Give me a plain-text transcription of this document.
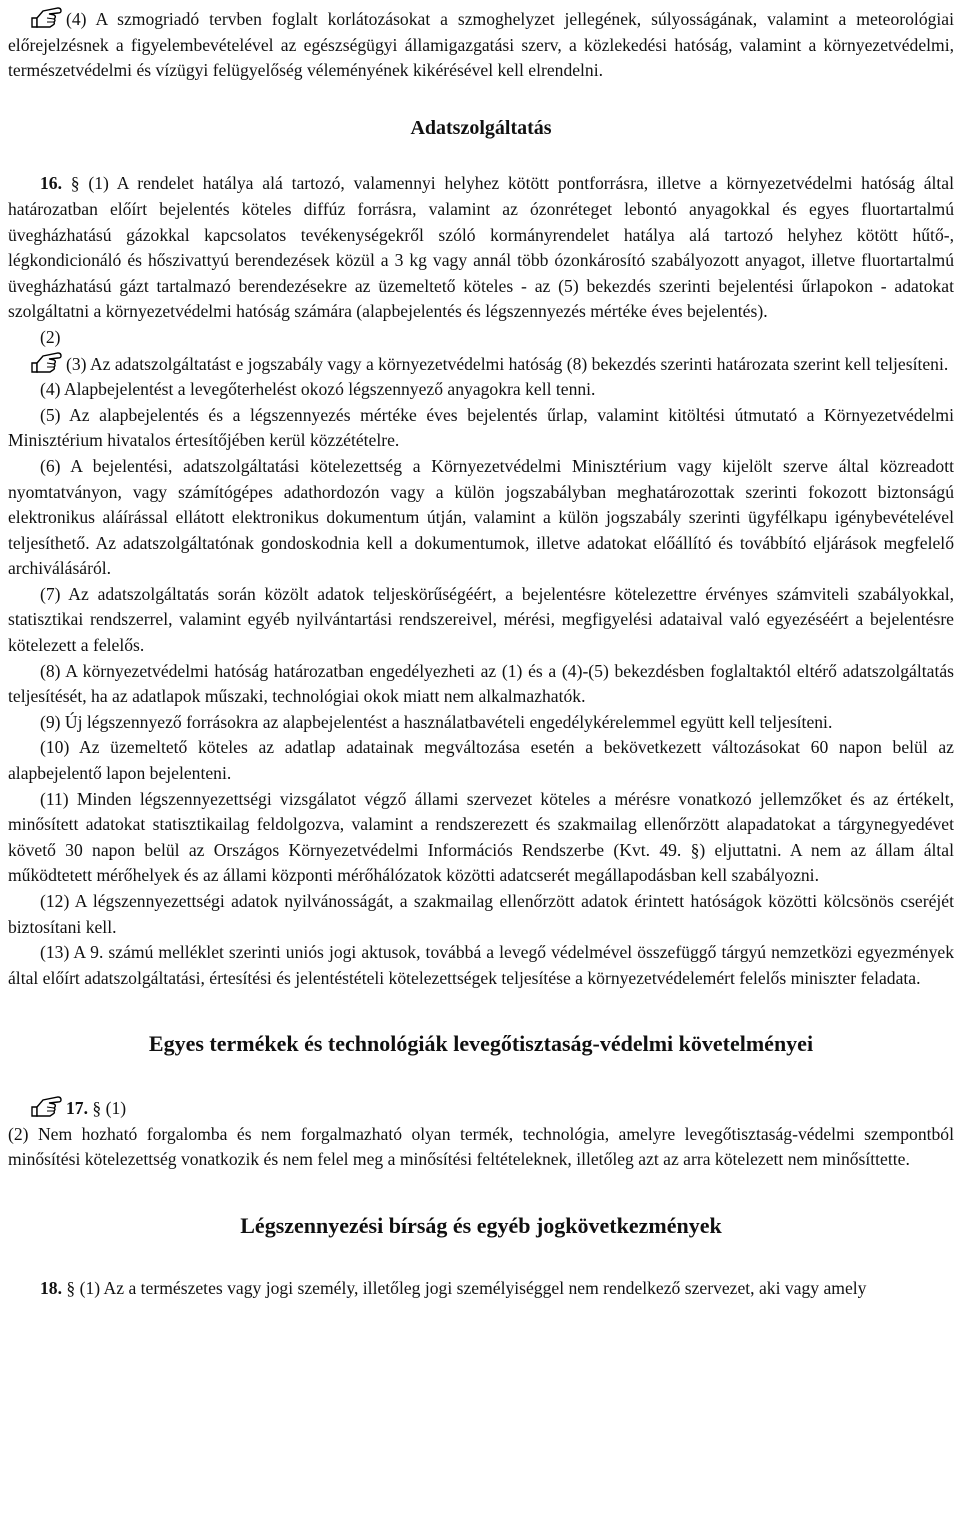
(4) A szmogriadó tervben foglalt korlátozásokat a szmoghelyzet jellegének, súlyosságának, valamint a meteorológiai előrejelzésnek a figyelembevételével az egészségügyi államigazgatási szerv, a közlekedési hatóság, valamint a környezetvédelmi, természetvédelmi és vízügyi felügyelőség véleményének kikérésével kell elrendelni.

Adatszolgáltatás

16. § (1) A rendelet hatálya alá tartozó, valamennyi helyhez kötött pontforrásra, illetve a környezetvédelmi hatóság által határozatban előírt bejelentés köteles diffúz forrásra, valamint az ózonréteget lebontó anyagokkal és egyes fluortartalmú üvegházhatású gázokkal kapcsolatos tevékenységekről szóló kormányrendelet hatálya alá tartozó helyhez kötött hűtő-, légkondicionáló és hőszivattyú berendezések közül a 3 kg vagy annál több ózonkárosító szabályozott anyagot, illetve fluortartalmú üvegházhatású gázt tartalmazó berendezésekre az üzemeltető köteles - az (5) bekezdés szerinti bejelentési űrlapokon - adatokat szolgáltatni a környezetvédelmi hatóság számára (alapbejelentés és légszennyezés mértéke éves bejelentés).

(2)

(3) Az adatszolgáltatást e jogszabály vagy a környezetvédelmi hatóság (8) bekezdés szerinti határozata szerint kell teljesíteni.

(4) Alapbejelentést a levegőterhelést okozó légszennyező anyagokra kell tenni.

(5) Az alapbejelentés és a légszennyezés mértéke éves bejelentés űrlap, valamint kitöltési útmutató a Környezetvédelmi Minisztérium hivatalos értesítőjében kerül közzétételre.

(6) A bejelentési, adatszolgáltatási kötelezettség a Környezetvédelmi Minisztérium vagy kijelölt szerve által közreadott nyomtatványon, vagy számítógépes adathordozón vagy a külön jogszabályban meghatározottak szerinti fokozott biztonságú elektronikus aláírással ellátott elektronikus dokumentum útján, valamint a külön jogszabály szerinti ügyfélkapu igénybevételével teljesíthető. Az adatszolgáltatónak gondoskodnia kell a dokumentumok, illetve adatokat előállító és továbbító eljárások megfelelő archiválásáról.

(7) Az adatszolgáltatás során közölt adatok teljeskörűségéért, a bejelentésre kötelezettre érvényes számviteli szabályokkal, statisztikai rendszerrel, valamint egyéb nyilvántartási rendszereivel, mérési, megfigyelési adataival való egyezéséért a bejelentésre kötelezett a felelős.

(8) A környezetvédelmi hatóság határozatban engedélyezheti az (1) és a (4)-(5) bekezdésben foglaltaktól eltérő adatszolgáltatás teljesítését, ha az adatlapok műszaki, technológiai okok miatt nem alkalmazhatók.

(9) Új légszennyező forrásokra az alapbejelentést a használatbavételi engedélykérelemmel együtt kell teljesíteni.

(10) Az üzemeltető köteles az adatlap adatainak megváltozása esetén a bekövetkezett változásokat 60 napon belül az alapbejelentő lapon bejelenteni.

(11) Minden légszennyezettségi vizsgálatot végző állami szervezet köteles a mérésre vonatkozó jellemzőket és az értékelt, minősített adatokat statisztikailag feldolgozva, valamint a rendszerezett és szakmailag ellenőrzött alapadatokat a tárgynegyedévet követő 30 napon belül az Országos Környezetvédelmi Információs Rendszerbe (Kvt. 49. §) eljuttatni. A nem az állam által működtetett mérőhelyek és az állami központi mérőhálózatok közötti adatcserét megállapodásban kell szabályozni.

(12) A légszennyezettségi adatok nyilvánosságát, a szakmailag ellenőrzött adatok érintett hatóságok közötti kölcsönös cseréjét biztosítani kell.

(13) A 9. számú melléklet szerinti uniós jogi aktusok, továbbá a levegő védelmével összefüggő tárgyú nemzetközi egyezmények által előírt adatszolgáltatási, értesítési és jelentéstételi kötelezettségek teljesítése a környezetvédelemért felelős miniszter feladata.

Egyes termékek és technológiák levegőtisztaság-védelmi követelményei

17. § (1)

(2) Nem hozható forgalomba és nem forgalmazható olyan termék, technológia, amelyre levegőtisztaság-védelmi szempontból minősítési kötelezettség vonatkozik és nem felel meg a minősítési feltételeknek, illetőleg azt az arra kötelezett nem minősíttette.

Légszennyezési bírság és egyéb jogkövetkezmények

18. § (1) Az a természetes vagy jogi személy, illetőleg jogi személyiséggel nem rendelkező szervezet, aki vagy amely
